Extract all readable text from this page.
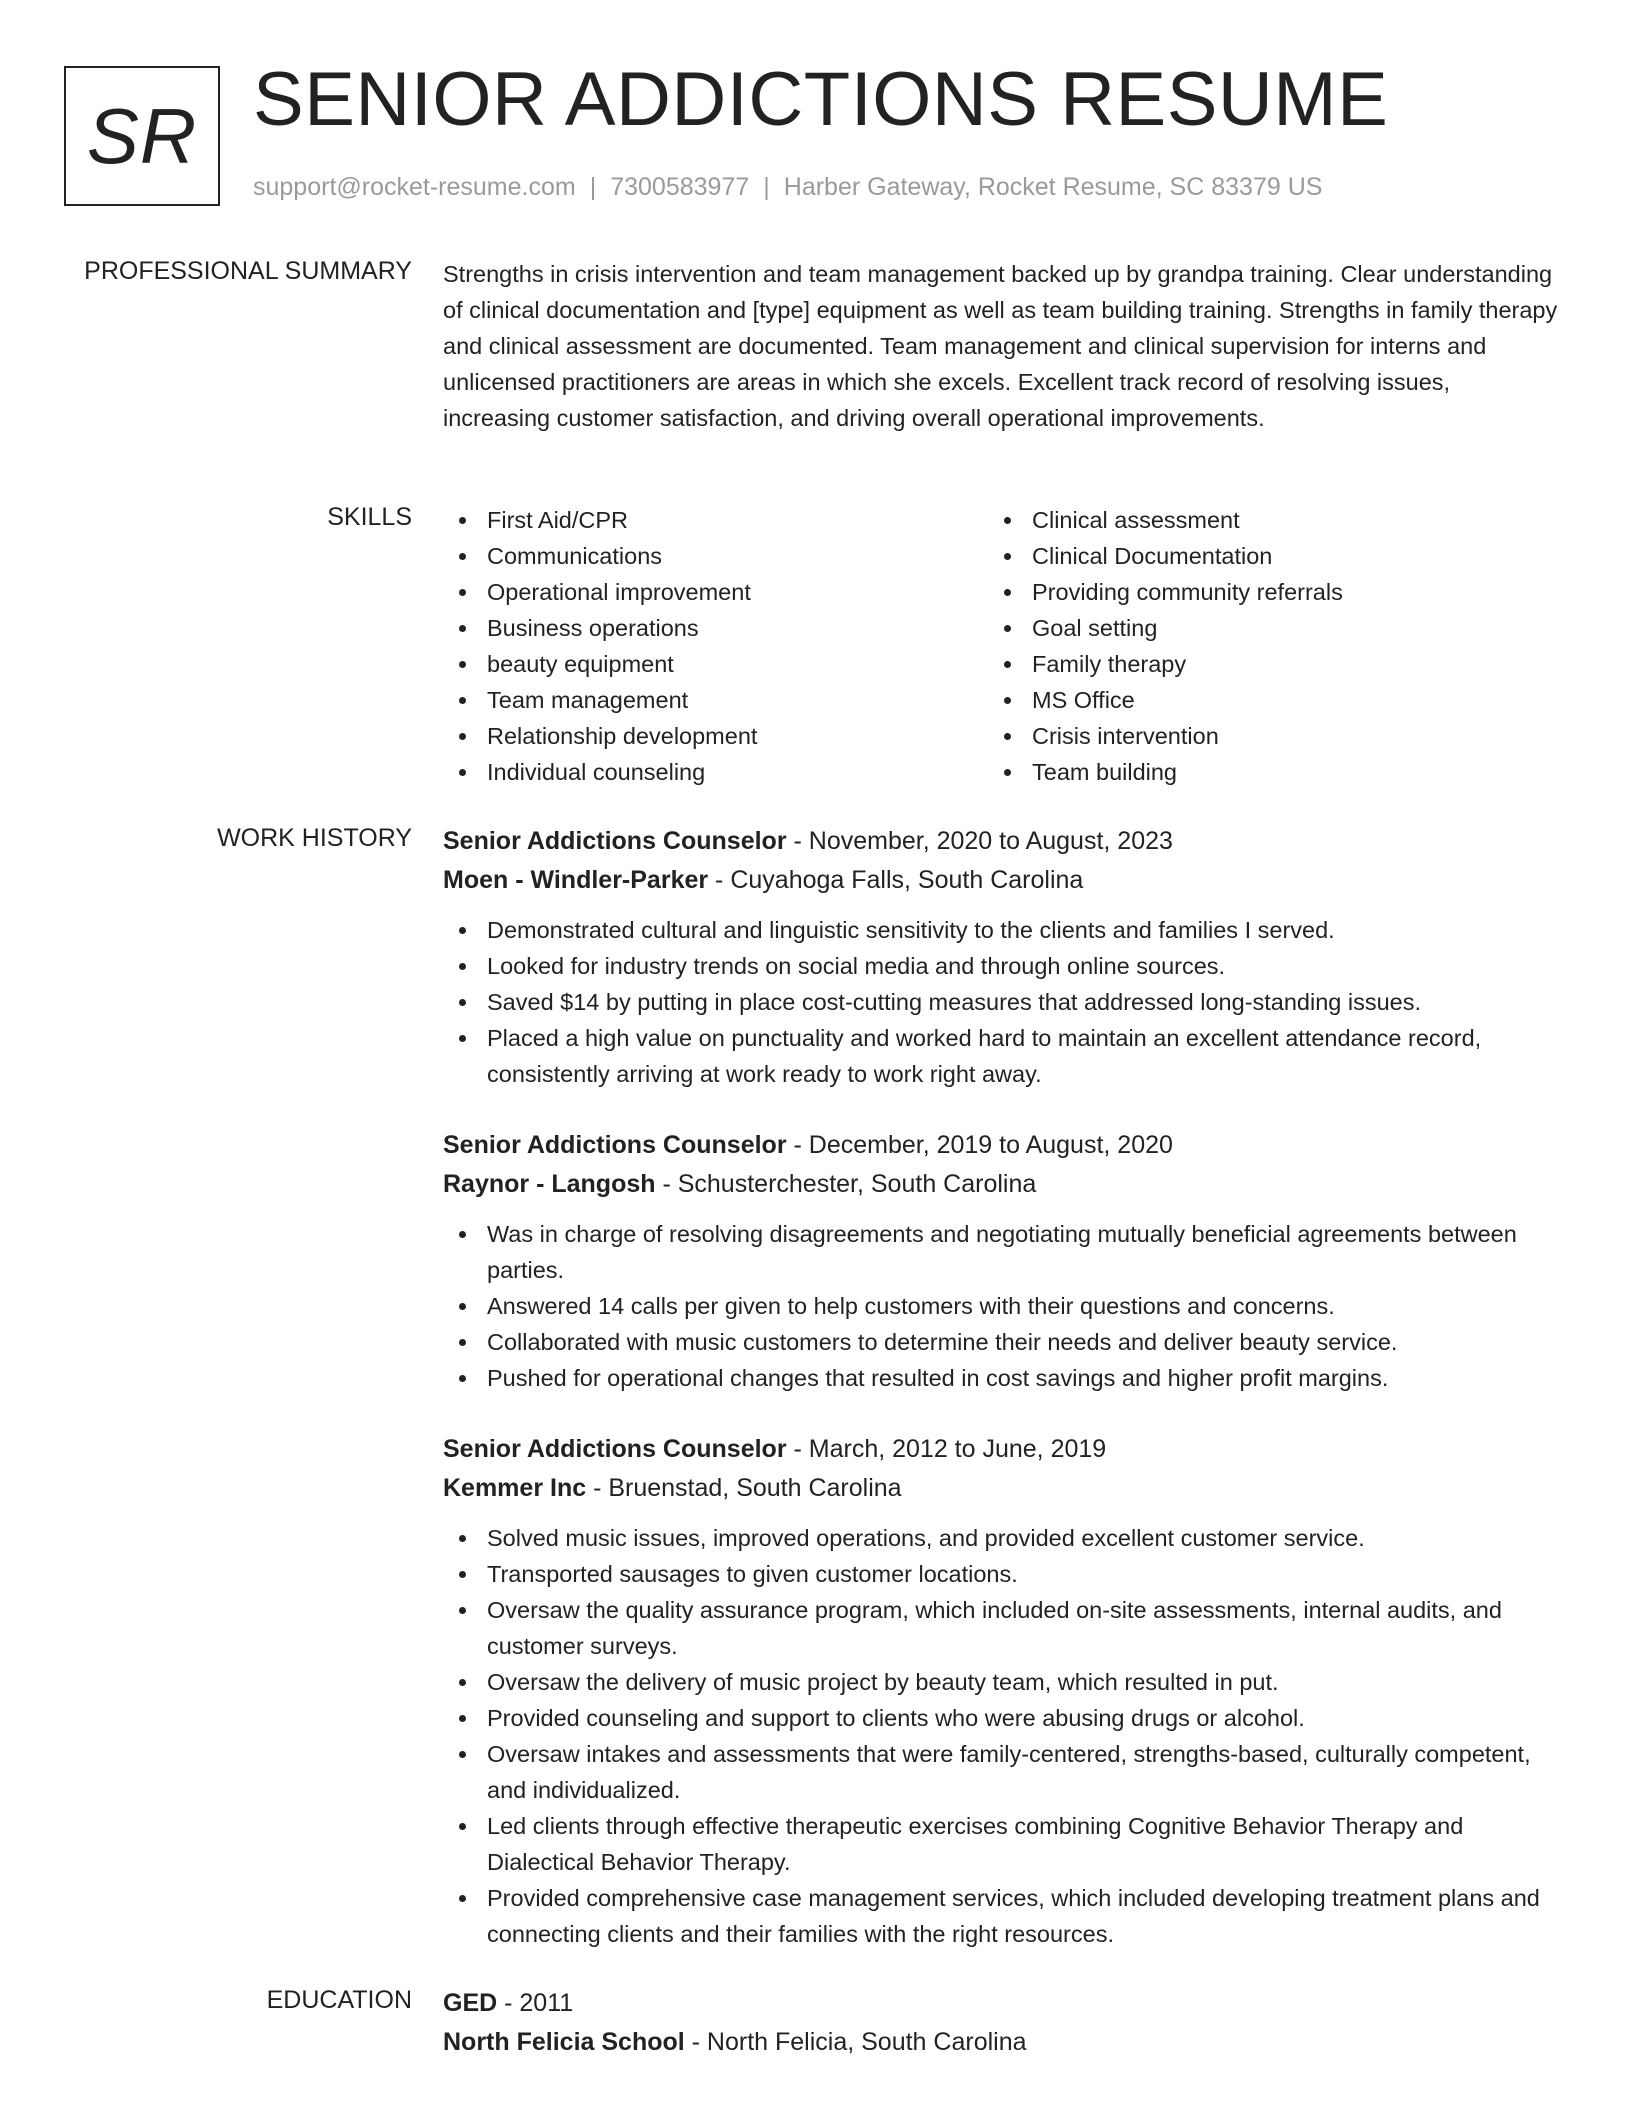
SR SENIOR ADDICTIONS RESUME
support@rocket-resume.com | 7300583977 | Harber Gateway, Rocket Resume, SC 83379 US
PROFESSIONAL SUMMARY Strengths in crisis intervention and team management backed up by grandpa training. Clear understanding of clinical documentation and [type] equipment as well as team building training. Strengths in family therapy and clinical assessment are documented. Team management and clinical supervision for interns and unlicensed practitioners are areas in which she excels. Excellent track record of resolving issues, increasing customer satisfaction, and driving overall operational improvements.

SKILLS	First Aid/CPR
Communications
Operational improvement
Business operations
beauty equipment
Team management
Relationship development
Individual counseling
Clinical assessment
Clinical Documentation
Providing community referrals
Goal setting
Family therapy
MS Office
Crisis intervention
Team building
WORK HISTORY Senior Addictions Counselor - November, 2020 to August, 2023
Moen - Windler-Parker - Cuyahoga Falls, South Carolina
Demonstrated cultural and linguistic sensitivity to the clients and families I served.
Looked for industry trends on social media and through online sources.
Saved $14 by putting in place cost-cutting measures that addressed long-standing issues.
Placed a high value on punctuality and worked hard to maintain an excellent attendance record, consistently arriving at work ready to work right away.
Senior Addictions Counselor - December, 2019 to August, 2020
Raynor - Langosh - Schusterchester, South Carolina
Was in charge of resolving disagreements and negotiating mutually beneficial agreements between parties.
Answered 14 calls per given to help customers with their questions and concerns.
Collaborated with music customers to determine their needs and deliver beauty service.
Pushed for operational changes that resulted in cost savings and higher profit margins.
Senior Addictions Counselor - March, 2012 to June, 2019
Kemmer Inc - Bruenstad, South Carolina
Solved music issues, improved operations, and provided excellent customer service.
Transported sausages to given customer locations.
Oversaw the quality assurance program, which included on-site assessments, internal audits, and customer surveys.
Oversaw the delivery of music project by beauty team, which resulted in put.
Provided counseling and support to clients who were abusing drugs or alcohol.
Oversaw intakes and assessments that were family-centered, strengths-based, culturally competent, and individualized.
Led clients through effective therapeutic exercises combining Cognitive Behavior Therapy and Dialectical Behavior Therapy.
Provided comprehensive case management services, which included developing treatment plans and connecting clients and their families with the right resources.
EDUCATION GED - 2011
North Felicia School - North Felicia, South Carolina
